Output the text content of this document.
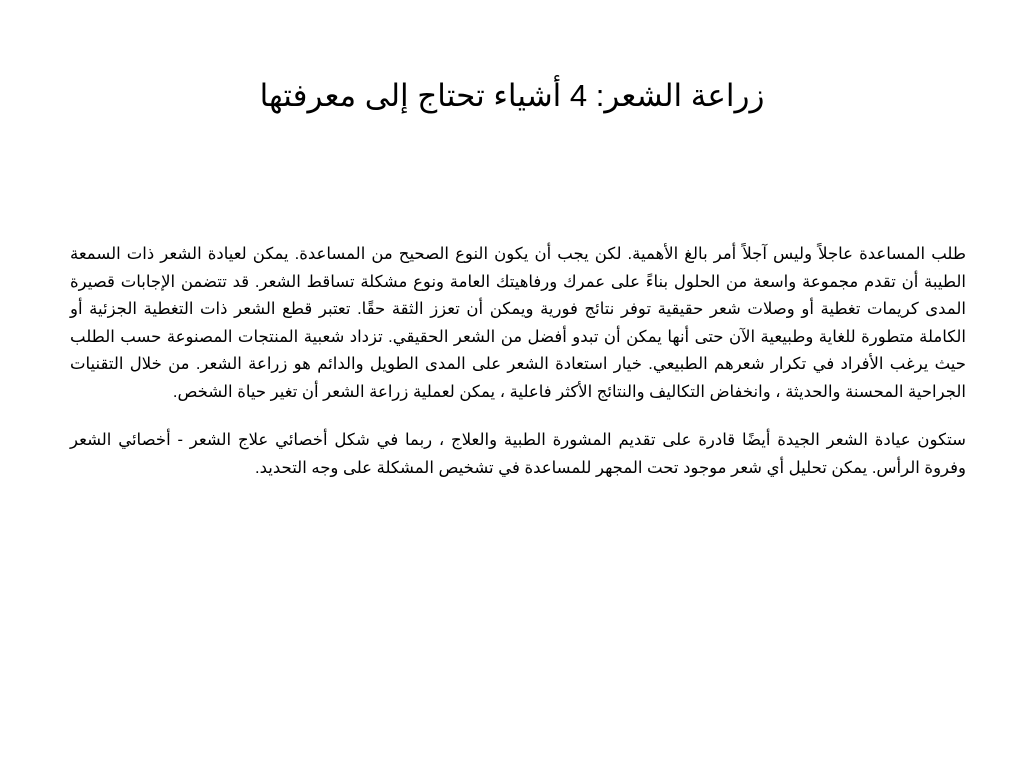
زراعة الشعر: 4 أشياء تحتاج إلى معرفتها

طلب المساعدة عاجلاً وليس آجلاً أمر بالغ الأهمية. لكن يجب أن يكون النوع الصحيح من المساعدة. يمكن لعيادة الشعر ذات السمعة الطيبة أن تقدم مجموعة واسعة من الحلول بناءً على عمرك ورفاهيتك العامة ونوع مشكلة تساقط الشعر. قد تتضمن الإجابات قصيرة المدى كريمات تغطية أو وصلات شعر حقيقية توفر نتائج فورية ويمكن أن تعزز الثقة حقًا. تعتبر قطع الشعر ذات التغطية الجزئية أو الكاملة متطورة للغاية وطبيعية الآن حتى أنها يمكن أن تبدو أفضل من الشعر الحقيقي. تزداد شعبية المنتجات المصنوعة حسب الطلب حيث يرغب الأفراد في تكرار شعرهم الطبيعي. خيار استعادة الشعر على المدى الطويل والدائم هو زراعة الشعر. من خلال التقنيات الجراحية المحسنة والحديثة ، وانخفاض التكاليف والنتائج الأكثر فاعلية ، يمكن لعملية زراعة الشعر أن تغير حياة الشخص.

ستكون عيادة الشعر الجيدة أيضًا قادرة على تقديم المشورة الطبية والعلاج ، ربما في شكل أخصائي علاج الشعر - أخصائي الشعر وفروة الرأس. يمكن تحليل أي شعر موجود تحت المجهر للمساعدة في تشخيص المشكلة على وجه التحديد.
